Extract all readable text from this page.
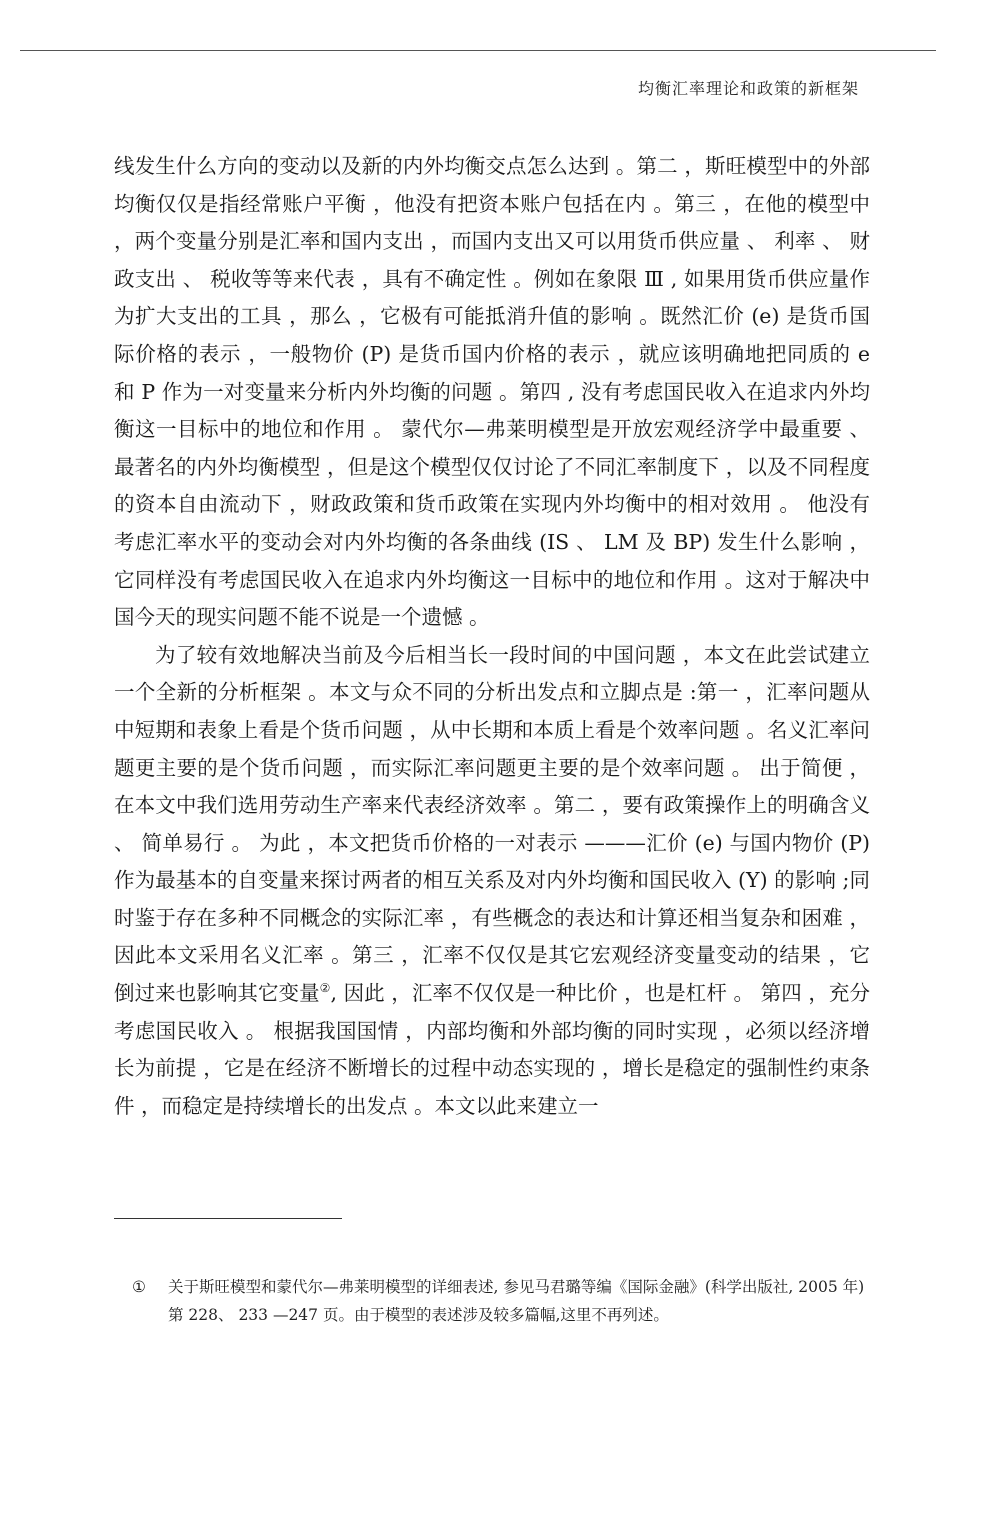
均衡汇率理论和政策的新框架

线发生什么方向的变动以及新的内外均衡交点怎么达到 。第二 ，斯旺模型中的外部均衡仅仅是指经常账户平衡 ，他没有把资本账户包括在内 。第三 ，在他的模型中 ，两个变量分别是汇率和国内支出 ，而国内支出又可以用货币供应量 、 利率 、 财政支出 、 税收等等来代表 ，具有不确定性 。例如在象限 Ⅲ , 如果用货币供应量作为扩大支出的工具 ，那么 ，它极有可能抵消升值的影响 。既然汇价 (e) 是货币国际价格的表示 ，一般物价 (P) 是货币国内价格的表示 ，就应该明确地把同质的 e 和 P 作为一对变量来分析内外均衡的问题 。第四 , 没有考虑国民收入在追求内外均衡这一目标中的地位和作用 。 蒙代尔—弗莱明模型是开放宏观经济学中最重要 、 最著名的内外均衡模型 ，但是这个模型仅仅讨论了不同汇率制度下 ，以及不同程度的资本自由流动下 ，财政政策和货币政策在实现内外均衡中的相对效用 。 他没有考虑汇率水平的变动会对内外均衡的各条曲线 (IS 、 LM 及 BP) 发生什么影响 ，它同样没有考虑国民收入在追求内外均衡这一目标中的地位和作用 。这对于解决中国今天的现实问题不能不说是一个遗憾 。

为了较有效地解决当前及今后相当长一段时间的中国问题 ，本文在此尝试建立一个全新的分析框架 。本文与众不同的分析出发点和立脚点是 :第一 ，汇率问题从中短期和表象上看是个货币问题 ，从中长期和本质上看是个效率问题 。名义汇率问题更主要的是个货币问题 ，而实际汇率问题更主要的是个效率问题 。 出于简便 ，在本文中我们选用劳动生产率来代表经济效率 。第二 ，要有政策操作上的明确含义 、 简单易行 。 为此 ，本文把货币价格的一对表示 ———汇价 (e) 与国内物价 (P) 作为最基本的自变量来探讨两者的相互关系及对内外均衡和国民收入 (Y) 的影响 ;同时鉴于存在多种不同概念的实际汇率 ，有些概念的表达和计算还相当复杂和困难 ，因此本文采用名义汇率 。第三 ，汇率不仅仅是其它宏观经济变量变动的结果 ，它倒过来也影响其它变量②, 因此 ，汇率不仅仅是一种比价 ，也是杠杆 。 第四 ，充分考虑国民收入 。 根据我国国情 ，内部均衡和外部均衡的同时实现 ，必须以经济增长为前提 ，它是在经济不断增长的过程中动态实现的 ，增长是稳定的强制性约束条件 ，而稳定是持续增长的出发点 。本文以此来建立一

①	关于斯旺模型和蒙代尔—弗莱明模型的详细表述, 参见马君璐等编《国际金融》(科学出版社, 2005 年)第 228、 233 —247 页。由于模型的表述涉及较多篇幅,这里不再列述。
